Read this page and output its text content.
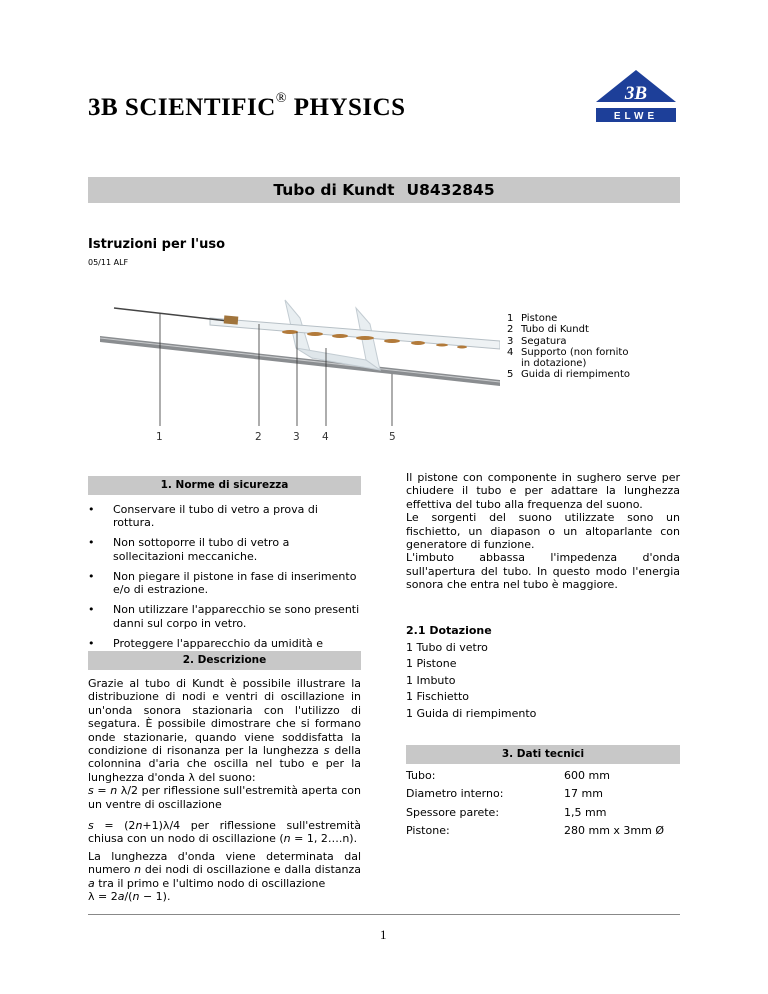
3B SCIENTIFIC® PHYSICS
3B
ELWE
Tubo di Kundt U8432845
Istruzioni per l'uso
05/11 ALF
1	2	3 4	5
1 Pistone
2 Tubo di Kundt
3 Segatura
4 Supporto (non fornito in dotazione)
5 Guida di riempimento
1. Norme di sicurezza
• Conservare il tubo di vetro a prova di rottura.
• Non sottoporre il tubo di vetro a sollecitazioni meccaniche.
• Non piegare il pistone in fase di inserimento e/o di estrazione.
• Non utilizzare l'apparecchio se sono presenti danni sul corpo in vetro.
• Proteggere l'apparecchio da umidità e
2. Descrizione

Grazie al tubo di Kundt è possibile illustrare la distribuzione di nodi e ventri di oscillazione in un'onda sonora stazionaria con l'utilizzo di segatura. È possibile dimostrare che si formano onde stazionarie, quando viene soddisfatta la condizione di risonanza per la lunghezza s della colonnina d'aria che oscilla nel tubo e per la lunghezza d'onda λ del suono:

s = n λ/2 per riflessione sull'estremità aperta con un ventre di oscillazione

s = (2n+1)λ/4 per riflessione sull'estremità chiusa con un nodo di oscillazione (n = 1, 2….n).

La lunghezza d'onda viene determinata dal numero n dei nodi di oscillazione e dalla distanza a tra il primo e l'ultimo nodo di oscillazione

λ = 2a/(n − 1).

Il pistone con componente in sughero serve per chiudere il tubo e per adattare la lunghezza effettiva del tubo alla frequenza del suono.

Le sorgenti del suono utilizzate sono un fischietto, un diapason o un altoparlante con generatore di funzione.

L'imbuto abbassa l'impedenza d'onda sull'apertura del tubo. In questo modo l'energia sonora che entra nel tubo è maggiore.

2.1 Dotazione
1 Tubo di vetro
1 Pistone
1 Imbuto
1 Fischietto
1 Guida di riempimento
3. Dati tecnici
Tubo:	600 mm
Diametro interno:	17 mm
Spessore parete:	1,5 mm
Pistone:	280 mm x 3mm Ø
1
